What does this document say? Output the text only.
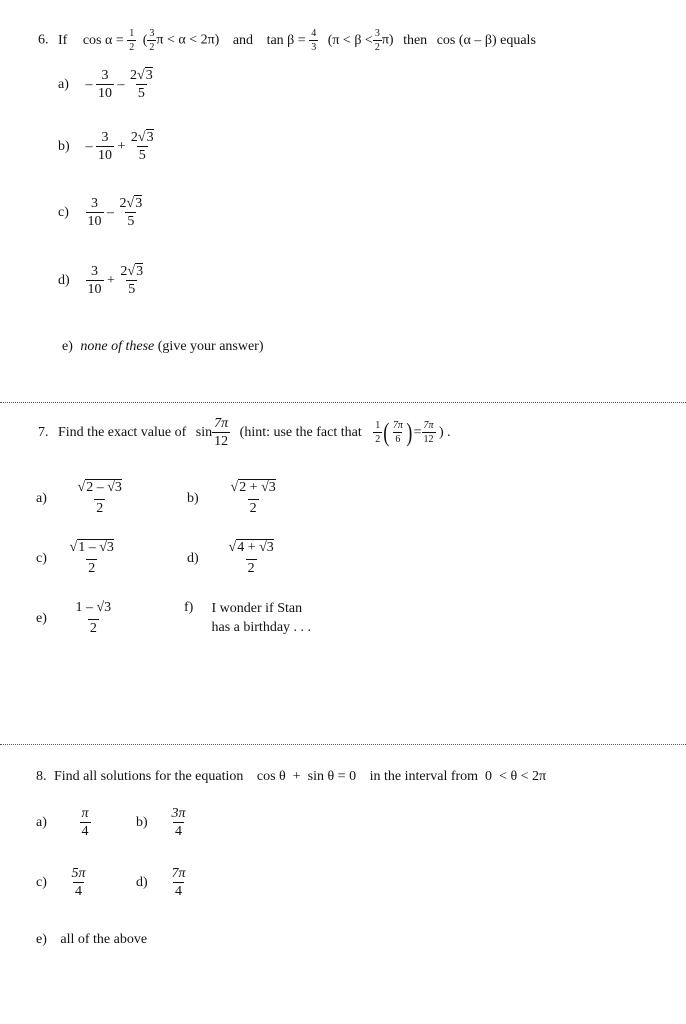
6. If $\cos \alpha = \frac{1}{2}$ ( $\frac{3}{2}$ π < α < 2π) and $\tan \beta = \frac{4}{3} (\pi < \beta < \frac{3}{2} \pi)$ then cos (α – β) equals
$a) - \frac{3}{10} - \frac{2√3}{5}$
$b) - \frac{3}{10} + \frac{2√3}{5}$
$c) \frac{3}{10} - \frac{2√3}{5}$
$d) \frac{3}{10} + \frac{2√3}{5}$
e) none of these (give your answer)
7. Find the exact value of $\sin \frac{7\pi}{12}$ (hint: use the fact that $\frac{1}{2}$ ( $\frac{7\pi}{6}$ )= $\frac{7\pi}{12}$ ) .
$a) \frac{√2 - √3}{2}$	$b) \frac{√2 + √3}{2}$
$c) \frac{√1 - √3}{2}$	$d) \frac{√4 + √3}{2}$
$e) \frac{1 - √3}{2}$	f) I wonder if Stan
has a birthday . . .
8. Find all solutions for the equation cos θ  +  sin θ = 0 in the interval from  0  < θ < 2π
$a) \frac{\pi}{4}$	$b) \frac{3\pi}{4}$
$c) \frac{5\pi}{4}$	$d) \frac{7\pi}{4}$
e) all of the above
